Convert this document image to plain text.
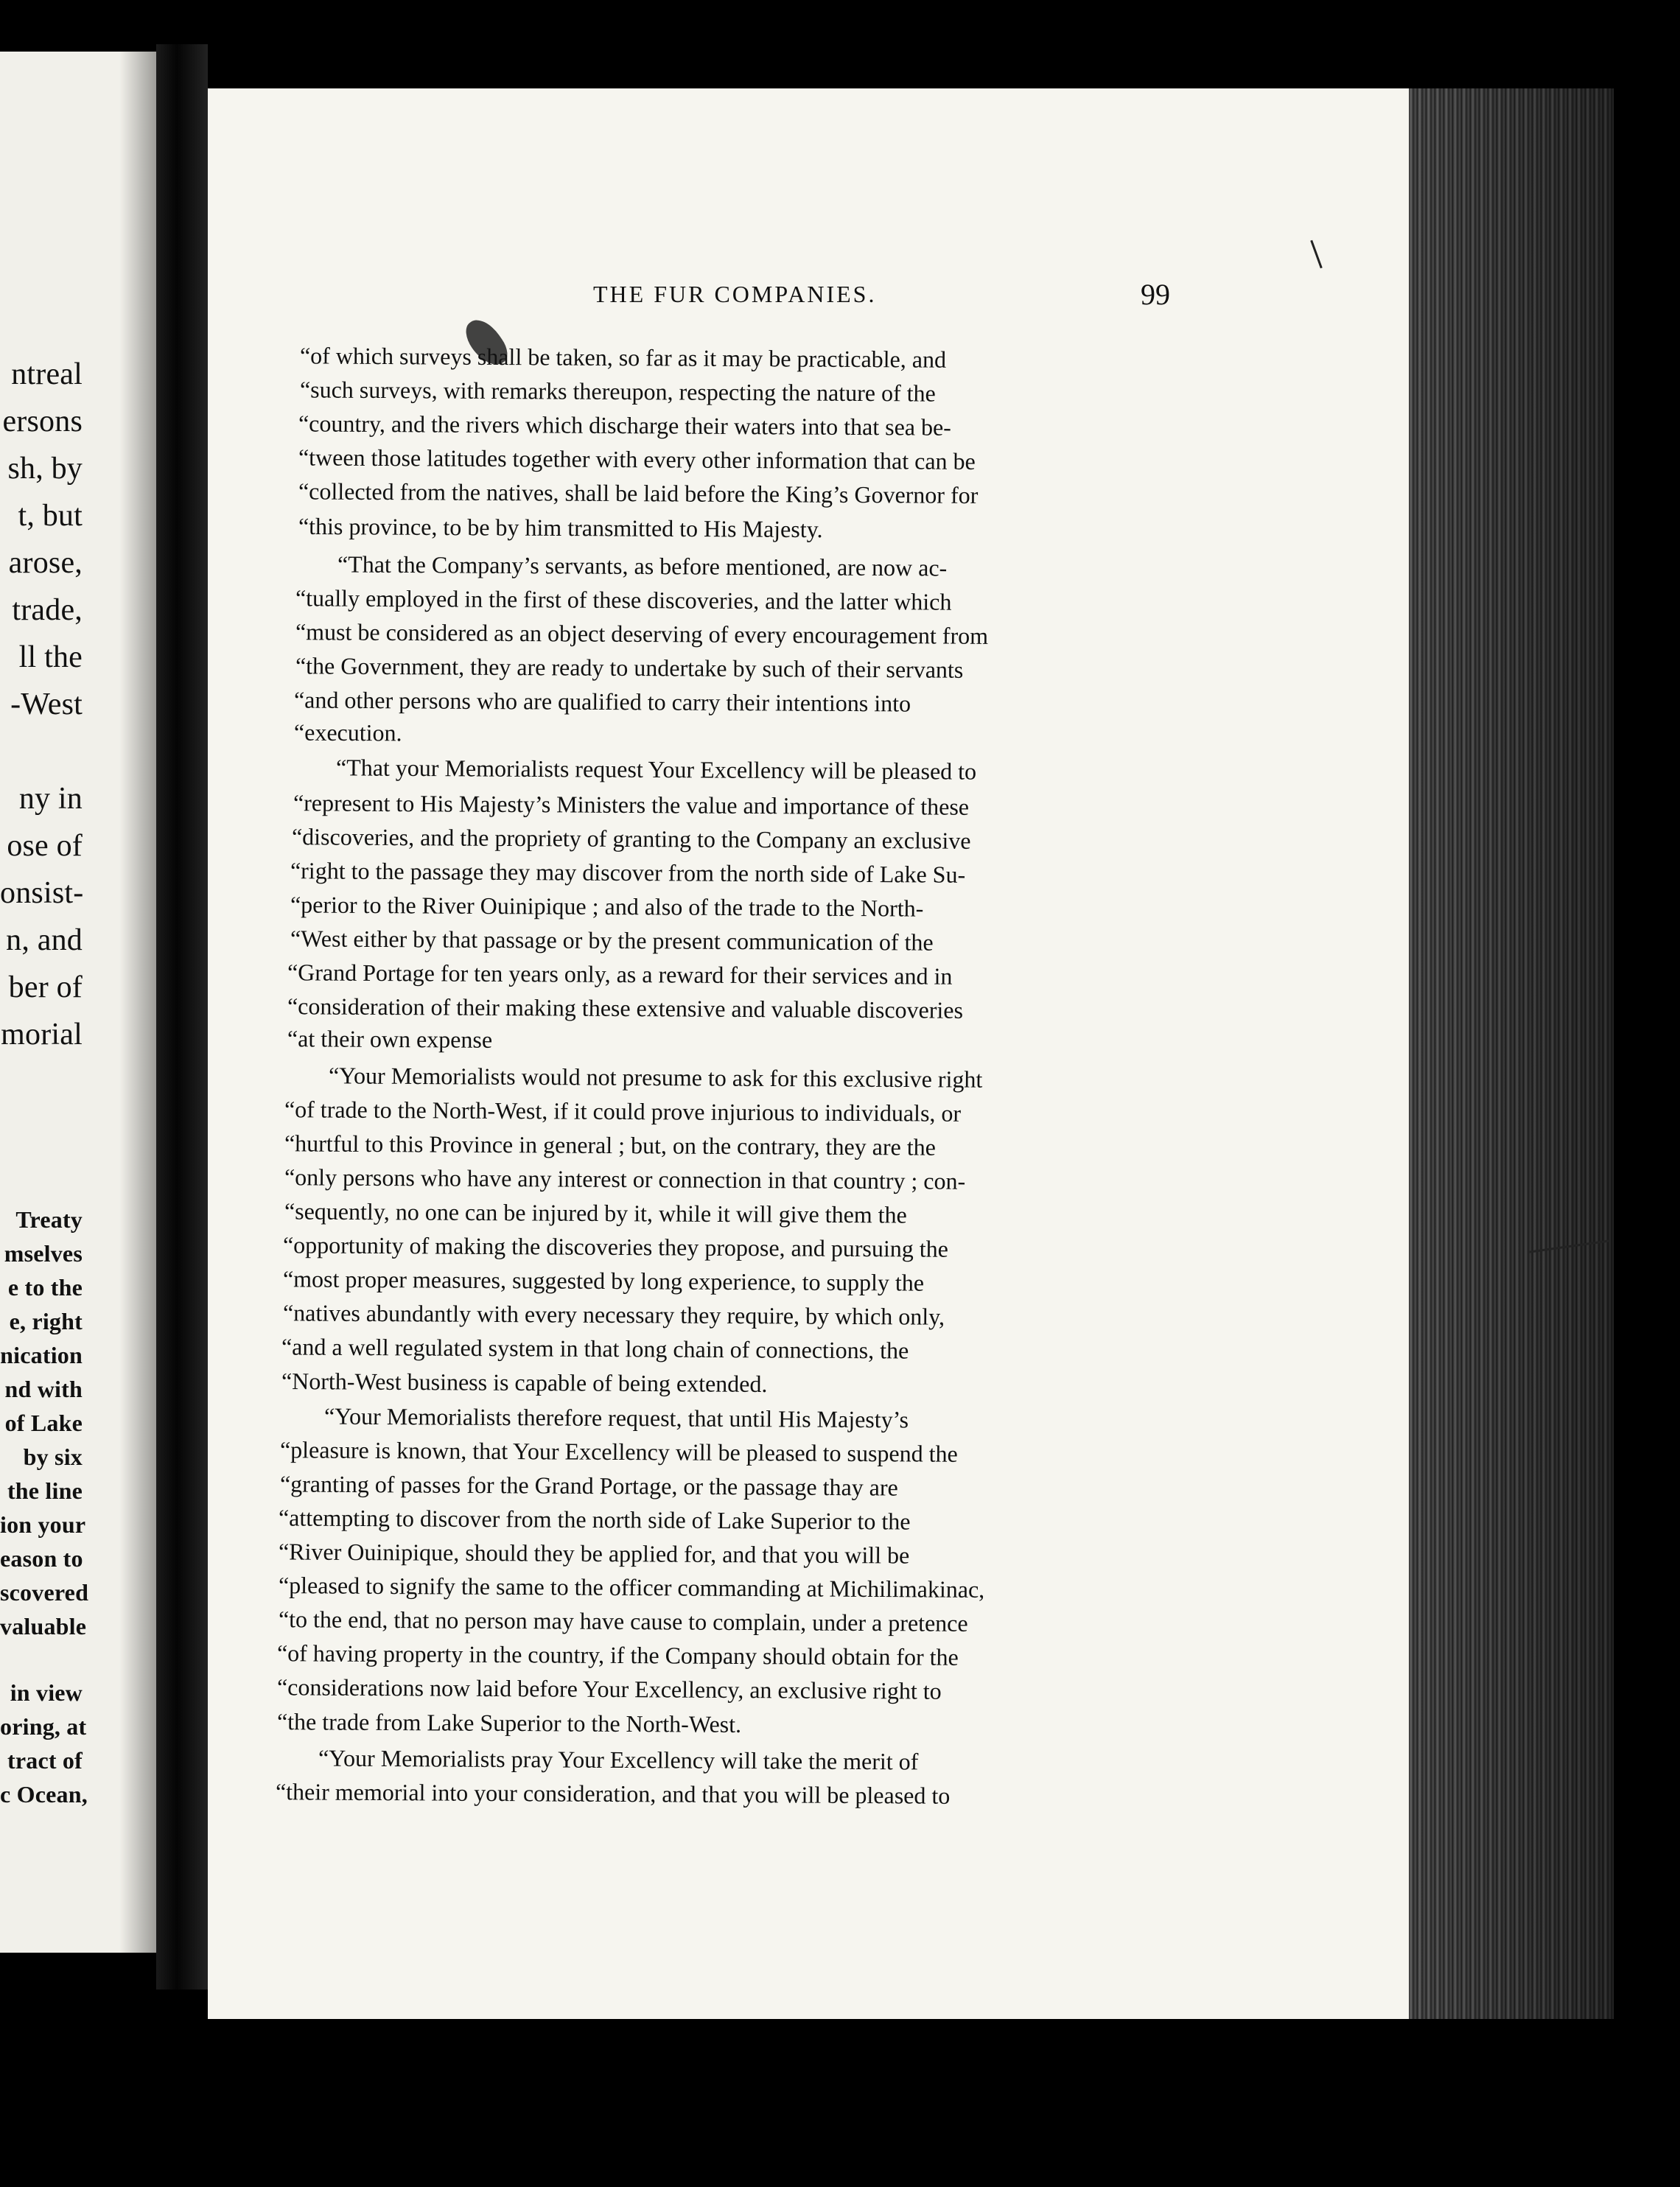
ntreal
ersons
sh, by
t, but
arose,
trade,
ll the
-West
ny in
ose of
onsist-
n, and
ber of
morial
Treaty
mselves
e to the
e, right
nication
nd with
of Lake
by six
the line
ion your
eason to
scovered
valuable
in view
oring, at
tract of
c Ocean,
THE FUR COMPANIES.	99
“of which surveys shall be taken, so far as it may be practicable, and
“such surveys, with remarks thereupon, respecting the nature of the
“country, and the rivers which discharge their waters into that sea be-
“tween those latitudes together with every other information that can be
“collected from the natives, shall be laid before the King’s Governor for
“this province, to be by him transmitted to His Majesty.
“That the Company’s servants, as before mentioned, are now ac-
“tually employed in the first of these discoveries, and the latter which
“must be considered as an object deserving of every encouragement from
“the Government, they are ready to undertake by such of their servants
“and other persons who are qualified to carry their intentions into
“execution.
“That your Memorialists request Your Excellency will be pleased to
“represent to His Majesty’s Ministers the value and importance of these
“discoveries, and the propriety of granting to the Company an exclusive
“right to the passage they may discover from the north side of Lake Su-
“perior to the River Ouinipique ; and also of the trade to the North-
“West either by that passage or by the present communication of the
“Grand Portage for ten years only, as a reward for their services and in
“consideration of their making these extensive and valuable discoveries
“at their own expense
“Your Memorialists would not presume to ask for this exclusive right
“of trade to the North-West, if it could prove injurious to individuals, or
“hurtful to this Province in general ; but, on the contrary, they are the
“only persons who have any interest or connection in that country ; con-
“sequently, no one can be injured by it, while it will give them the
“opportunity of making the discoveries they propose, and pursuing the
“most proper measures, suggested by long experience, to supply the
“natives abundantly with every necessary they require, by which only,
“and a well regulated system in that long chain of connections, the
“North-West business is capable of being extended.
“Your Memorialists therefore request, that until His Majesty’s
“pleasure is known, that Your Excellency will be pleased to suspend the
“granting of passes for the Grand Portage, or the passage thay are
“attempting to discover from the north side of Lake Superior to the
“River Ouinipique, should they be applied for, and that you will be
“pleased to signify the same to the officer commanding at Michilimakinac,
“to the end, that no person may have cause to complain, under a pretence
“of having property in the country, if the Company should obtain for the
“considerations now laid before Your Excellency, an exclusive right to
“the trade from Lake Superior to the North-West.
“Your Memorialists pray Your Excellency will take the merit of
“their memorial into your consideration, and that you will be pleased to
